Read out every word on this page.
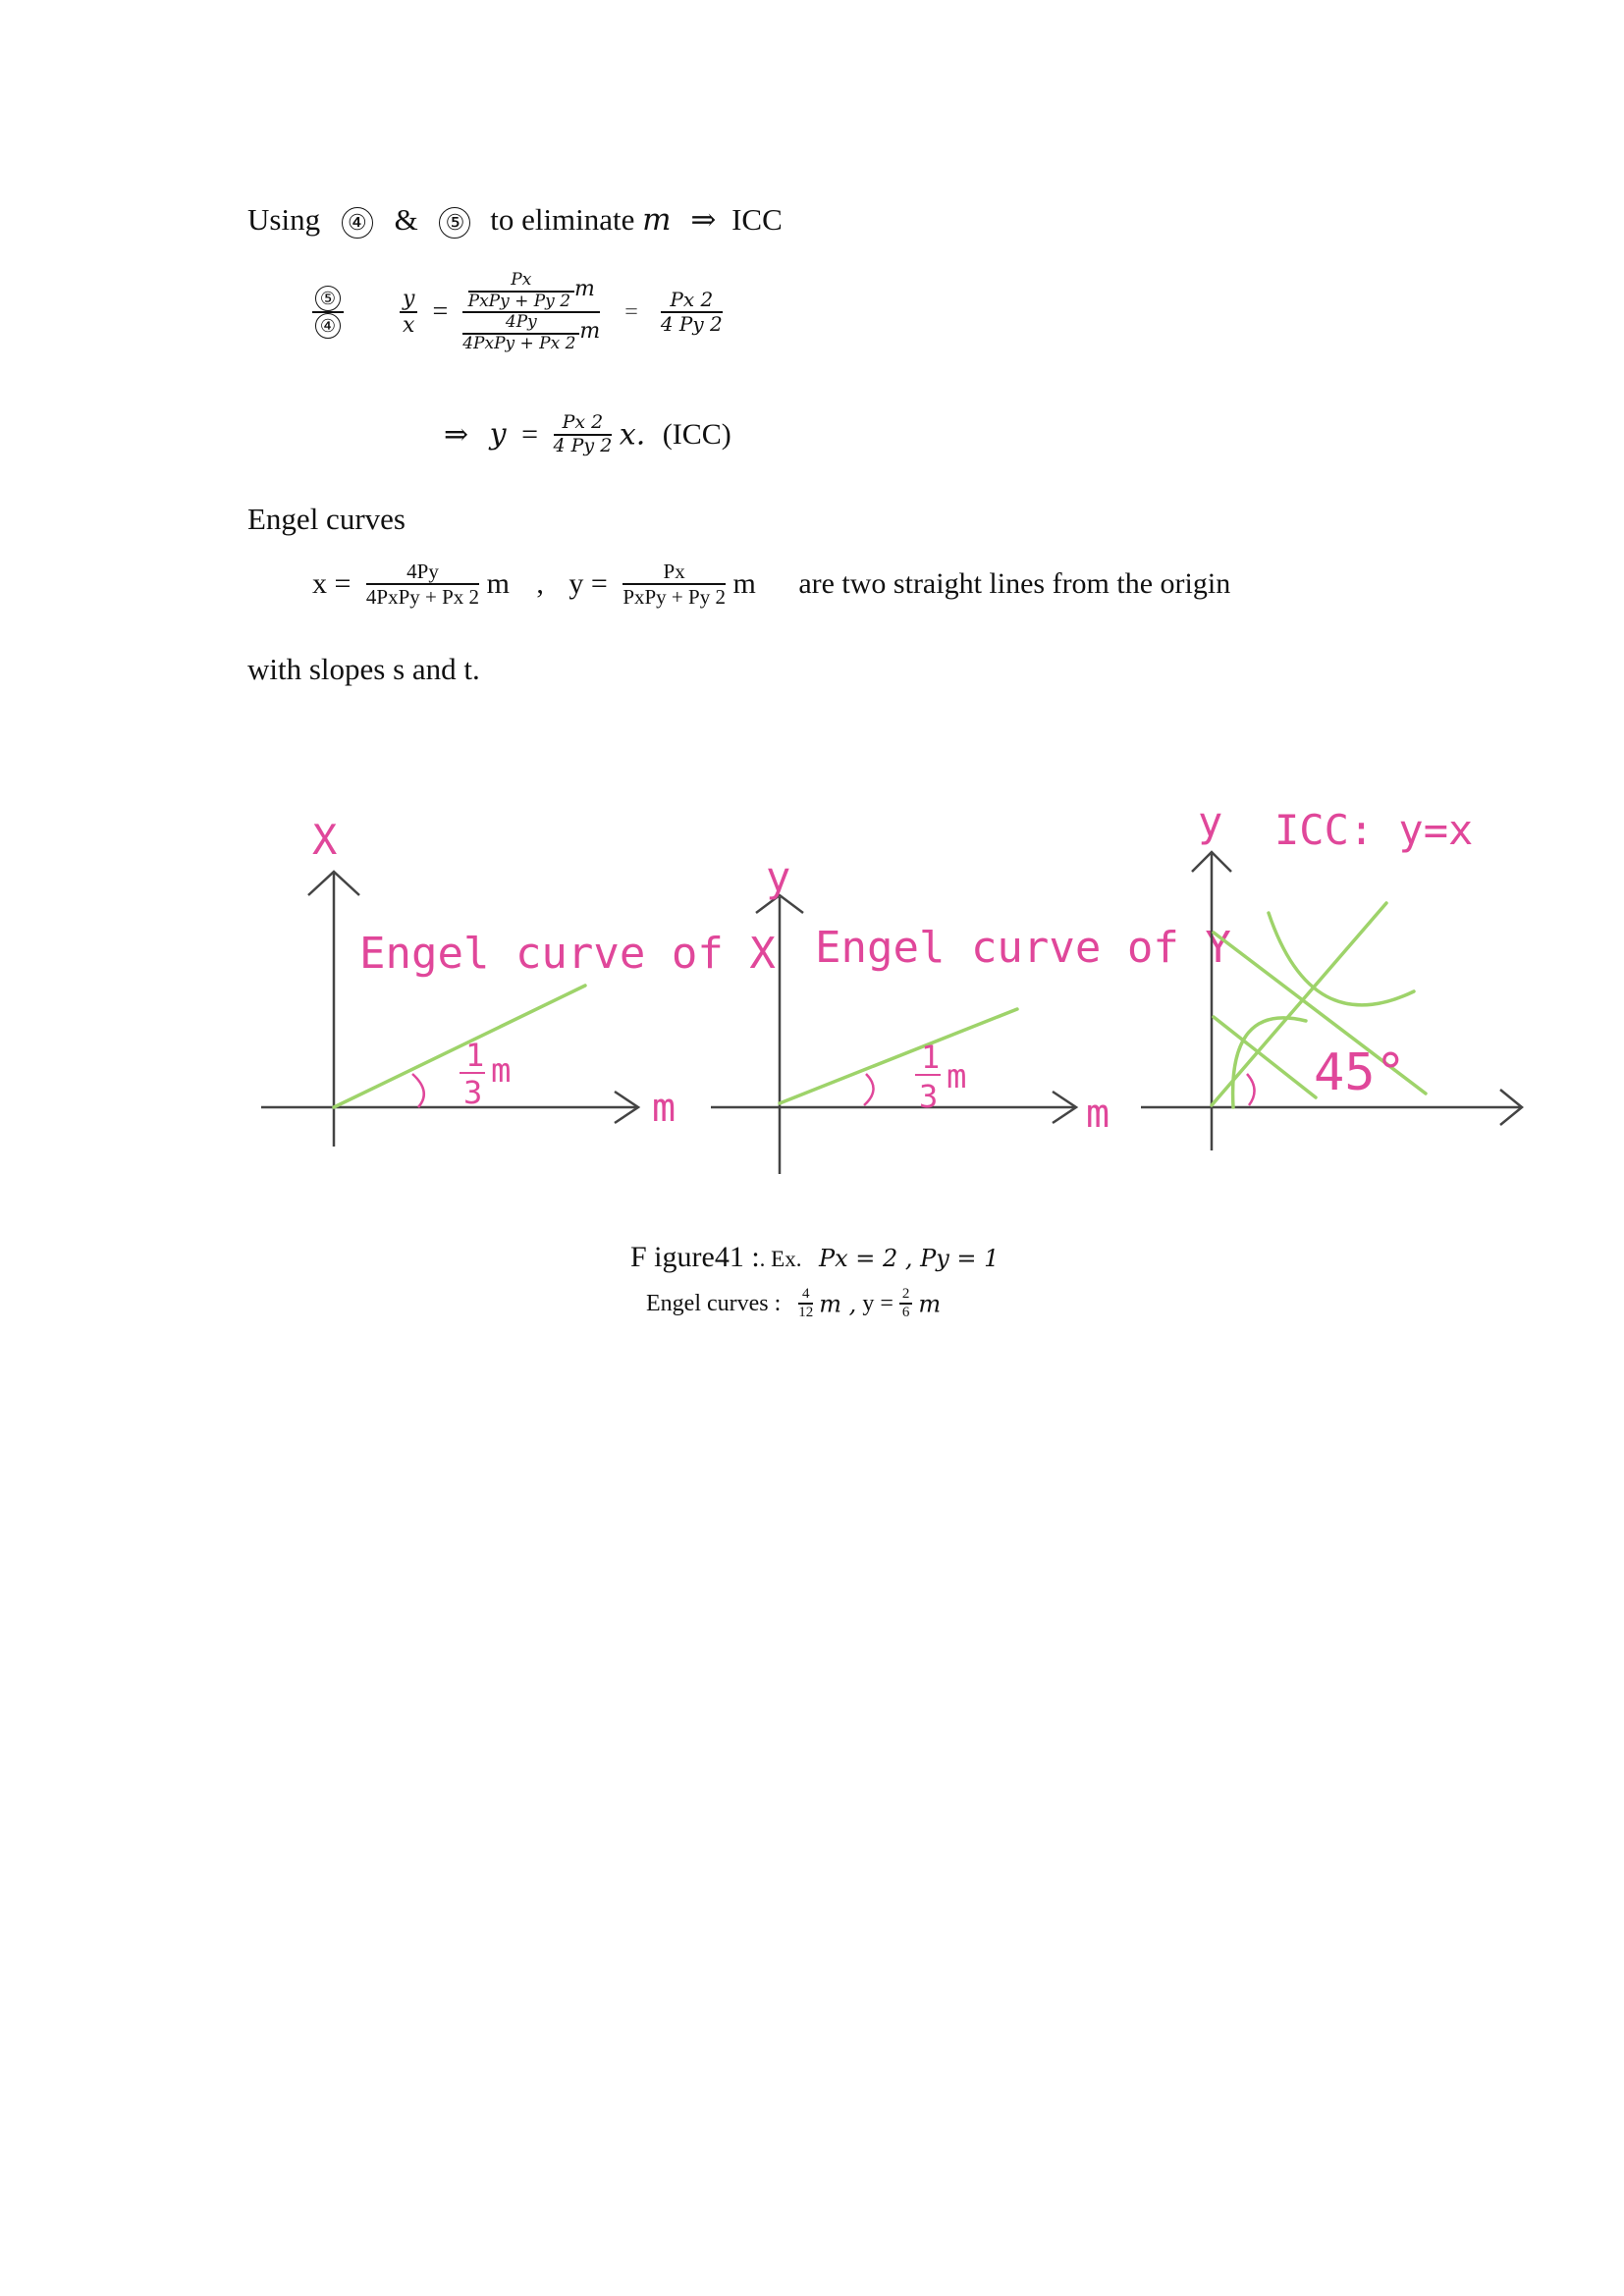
Using ④ & ⑤ to eliminate m ⇒ ICC
$\frac{\text{⑤}}{\text{④}}$
	$\frac{y}{x} = \frac{\frac{Px}{\text{PxPy + Py 2}} m}{\frac{4Py}{\text{4PxPy + Px 2}} m} = \frac{Px 2}{4 Py 2}$
⇒ $y = \frac{Px 2}{4 Py 2} x$. (ICC)
Engel curves
$x = \frac{4Py}{\text{4PxPy + Px 2}}$ m , $y = \frac{Px}{\text{PxPy + Py 2}}$ m are two straight lines from the origin
with slopes s and t.
X
m
Engel curve of X
1
3
m
y
m
Engel curve of Y
1
3 m
y ICC: y=x
45°
F igure41 :. Ex. Px = 2 , Py = 1
Engel curves : $\frac{4}{12}$ m , $y = \frac{2}{6}$ m
